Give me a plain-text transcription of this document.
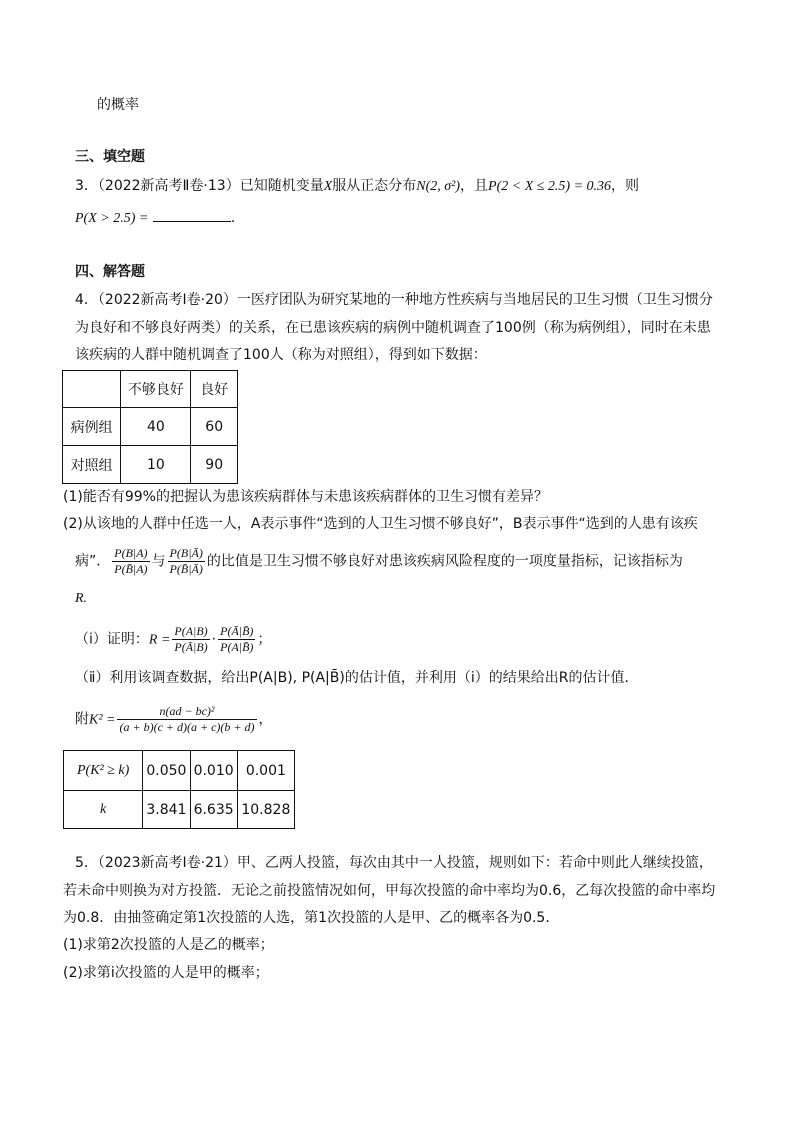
的概率
三、填空题
3．（2022新高考Ⅱ卷·13）已知随机变量X服从正态分布N(2, σ²)，且P(2 < X ≤ 2.5) = 0.36，则
P(X > 2.5) =	.
四、解答题
4．（2022新高考Ⅰ卷·20）一医疗团队为研究某地的一种地方性疾病与当地居民的卫生习惯（卫生习惯分
为良好和不够良好两类）的关系，在已患该疾病的病例中随机调查了100例（称为病例组），同时在未患
该疾病的人群中随机调查了100人（称为对照组），得到如下数据：
	不够良好	良好
病例组	40	60
对照组	10	90
(1)能否有99%的把握认为患该疾病群体与未患该疾病群体的卫生习惯有差异？
(2)从该地的人群中任选一人，A表示事件“选到的人卫生习惯不够良好”，B表示事件“选到的人患有该疾
病”． $\frac{P(B|A)}{P(B̄|A)}$ 与 $\frac{P(B|Ā)}{P(B̄|Ā)}$ 的比值是卫生习惯不够良好对患该疾病风险程度的一项度量指标，记该指标为
R.
（ⅰ）证明：$R = \frac{P(A|B)}{P(Ā|B)} \cdot \frac{P(Ā|B̄)}{P(A|B̄)}$ ；
（ⅱ）利用该调查数据，给出P(A|B), P(A|B̄)的估计值，并利用（ⅰ）的结果给出R的估计值．
附$K^2 = \frac{\text{n(ad − bc)²}}{(a + b)(c + d)(a + c)(b + d)}$ ，
P(K² ≥ k)	0.050	0.010	0.001
k	3.841	6.635	10.828
5．（2023新高考Ⅰ卷·21）甲、乙两人投篮，每次由其中一人投篮，规则如下：若命中则此人继续投篮，
若未命中则换为对方投篮．无论之前投篮情况如何，甲每次投篮的命中率均为0.6，乙每次投篮的命中率均
为0.8．由抽签确定第1次投篮的人选，第1次投篮的人是甲、乙的概率各为0.5．
(1)求第2次投篮的人是乙的概率；
(2)求第i次投篮的人是甲的概率；
